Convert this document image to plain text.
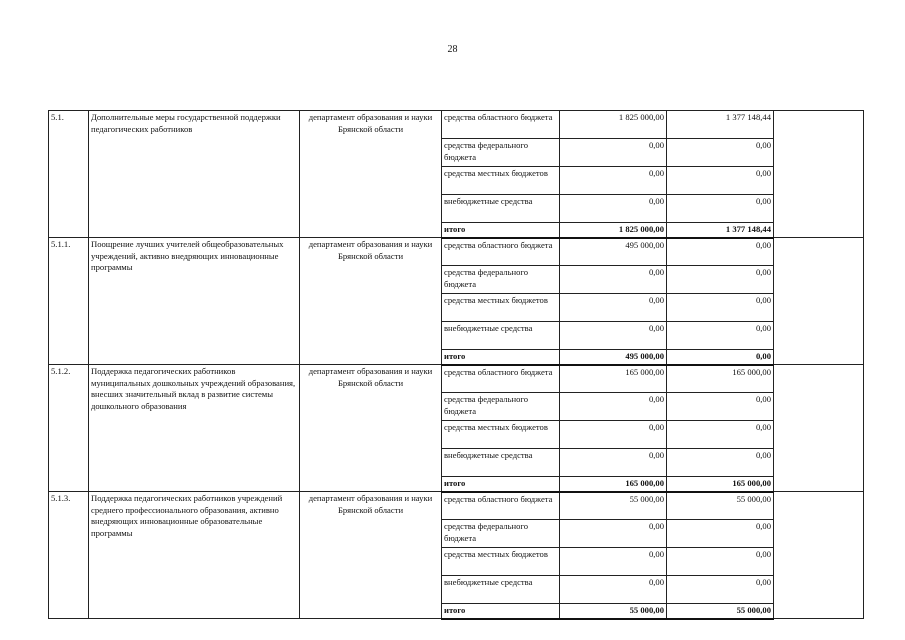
28
5.1.	Дополнительные меры государственной поддержки педагогических работников	департамент образования и науки Брянской области	средства областного бюджета	1 825 000,00	1 377 148,44	
			средства федерального бюджета	0,00	0,00	
			средства местных бюджетов	0,00	0,00	
			внебюджетные средства	0,00	0,00	
			итого	1 825 000,00	1 377 148,44	
5.1.1.	Поощрение лучших учителей общеобразовательных учреждений, активно внедряющих инновационные программы	департамент образования и науки Брянской области	средства областного бюджета	495 000,00	0,00	
			средства федерального бюджета	0,00	0,00	
			средства местных бюджетов	0,00	0,00	
			внебюджетные средства	0,00	0,00	
			итого	495 000,00	0,00	
5.1.2.	Поддержка педагогических работников муниципальных дошкольных учреждений образования, внесших значительный вклад в развитие системы дошкольного образования	департамент образования и науки Брянской области	средства областного бюджета	165 000,00	165 000,00	
			средства федерального бюджета	0,00	0,00	
			средства местных бюджетов	0,00	0,00	
			внебюджетные средства	0,00	0,00	
			итого	165 000,00	165 000,00	
5.1.3.	Поддержка педагогических работников учреждений среднего профессионального образования, активно внедряющих инновационные образовательные программы	департамент образования и науки Брянской области	средства областного бюджета	55 000,00	55 000,00	
			средства федерального бюджета	0,00	0,00	
			средства местных бюджетов	0,00	0,00	
			внебюджетные средства	0,00	0,00	
			итого	55 000,00	55 000,00	
